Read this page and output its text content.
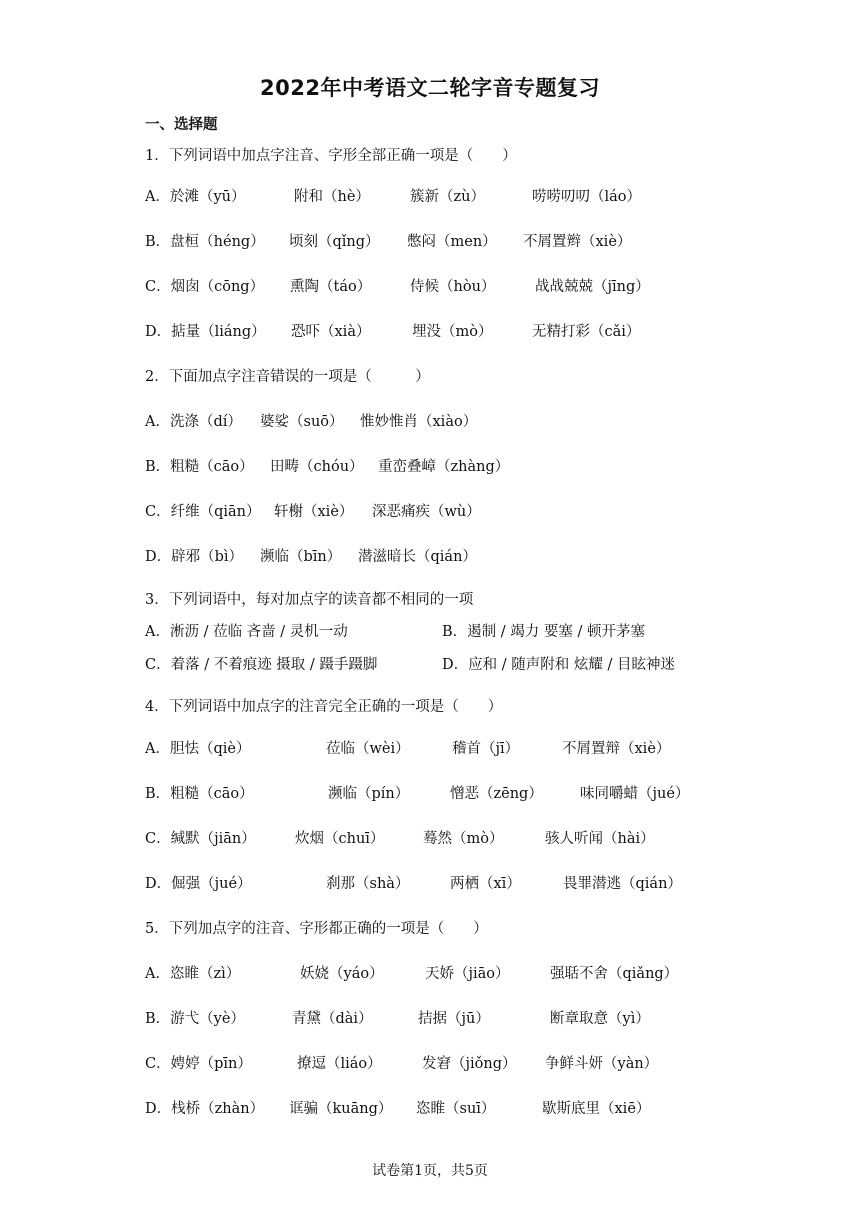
2022年中考语文二轮字音专题复习
一、选择题
1．下列词语中加点字注音、字形全部正确一项是（　　）
A．於滩（yū）	附和（hè）	簇新（zù）	唠唠叨叨（láo）
B．盘桓（héng） 顷刻（qǐng） 憋闷（men） 不屑置辫（xiè）
C．烟囱（cōng） 熏陶（táo）	侍候（hòu）	战战兢兢（jīng）
D．掂量（liáng） 恐吓（xià）	埋没（mò）	无精打彩（cǎi）
2．下面加点字注音错误的一项是（　　　）
A．洗涤（dí） 婆娑（suō） 惟妙惟肖（xiào）
B．粗糙（cāo） 田畴（chóu） 重峦叠嶂（zhàng）
C．纤维（qiān） 轩榭（xiè） 深恶痛疾（wù）
D．辟邪（bì） 濒临（bīn） 潜滋暗长（qián）
3．下列词语中，每对加点字的读音都不相同的一项
A．淅沥 / 莅临 吝啬 / 灵机一动	B．遏制 / 竭力 要塞 / 顿开茅塞
C．着落 / 不着痕迹 摄取 / 蹑手蹑脚	D．应和 / 随声附和 炫耀 / 目眩神迷
4．下列词语中加点字的注音完全正确的一项是（　　）
A．胆怯（qiè）	莅临（wèi）	稽首（jī）	不屑置辩（xiè）
B．粗糙（cāo）	濒临（pín）	憎恶（zēng）	味同嚼蜡（jué）
C．缄默（jiān）	炊烟（chuī）	蓦然（mò）	骇人听闻（hài）
D．倔强（jué）	刹那（shà）	两栖（xī）	畏罪潜逃（qián）
5．下列加点字的注音、字形都正确的一项是（　　）
A．恣睢（zì）	妖娆（yáo）	天娇（jiāo）	强聒不舍（qiǎng）
B．游弋（yè）	青黛（dài）	拮据（jū）	断章取意（yì）
C．娉婷（pīn）	撩逗（liáo）	发窘（jiǒng） 争鲜斗妍（yàn）
D．栈桥（zhàn） 诓骗（kuāng） 恣睢（suī）	歇斯底里（xiē）
试卷第1页，共5页
